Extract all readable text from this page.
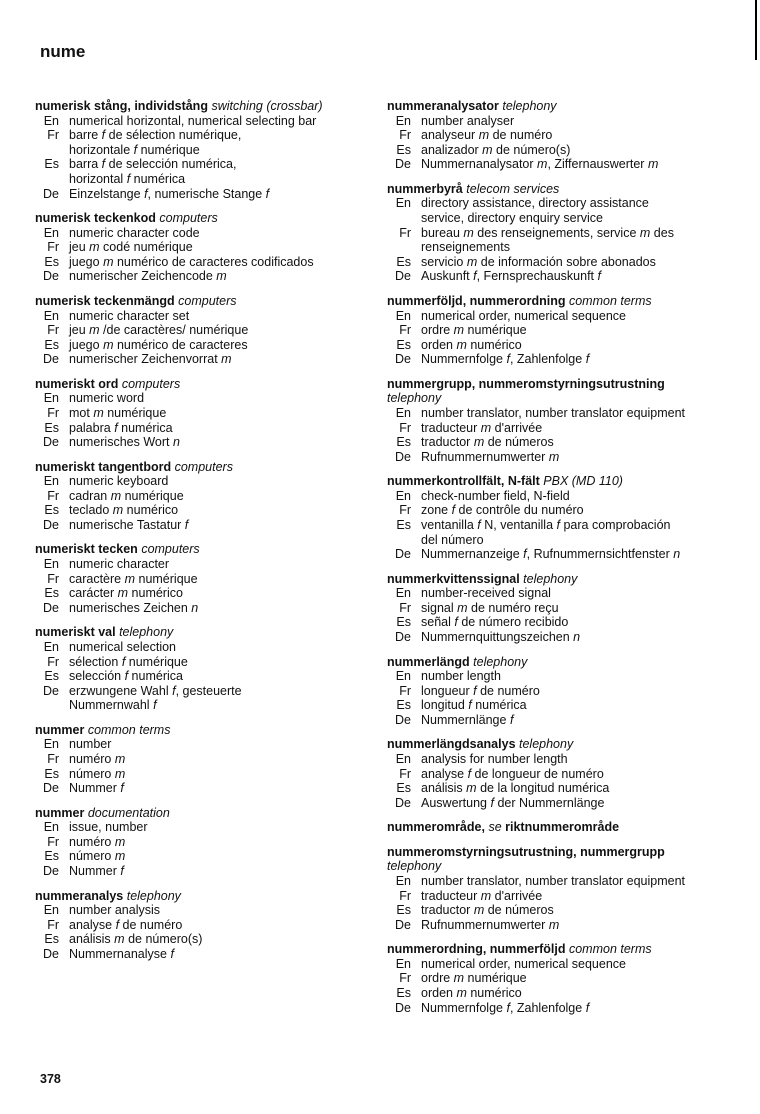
nume
numerisk stång, individstång switching (crossbar)
En numerical horizontal, numerical selecting bar
Fr barre f de sélection numérique,
horizontale f numérique
Es barra f de selección numérica,
horizontal f numérica
De Einzelstange f, numerische Stange f
numerisk teckenkod computers
En numeric character code
Fr jeu m codé numérique
Es juego m numérico de caracteres codificados
De numerischer Zeichencode m
numerisk teckenmängd computers
En numeric character set
Fr jeu m /de caractères/ numérique
Es juego m numérico de caracteres
De numerischer Zeichenvorrat m
numeriskt ord computers
En numeric word
Fr mot m numérique
Es palabra f numérica
De numerisches Wort n
numeriskt tangentbord computers
En numeric keyboard
Fr cadran m numérique
Es teclado m numérico
De numerische Tastatur f
numeriskt tecken computers
En numeric character
Fr caractère m numérique
Es carácter m numérico
De numerisches Zeichen n
numeriskt val telephony
En numerical selection
Fr sélection f numérique
Es selección f numérica
De erzwungene Wahl f, gesteuerte
Nummernwahl f
nummer common terms
En number
Fr numéro m
Es número m
De Nummer f
nummer documentation
En issue, number
Fr numéro m
Es número m
De Nummer f
nummeranalys telephony
En number analysis
Fr analyse f de numéro
Es análisis m de número(s)
De Nummernanalyse f
nummeranalysator telephony
En number analyser
Fr analyseur m de numéro
Es analizador m de número(s)
De Nummernanalysator m, Ziffernauswerter m
nummerbyrå telecom services
En directory assistance, directory assistance
service, directory enquiry service
Fr bureau m des renseignements, service m des
renseignements
Es servicio m de información sobre abonados
De Auskunft f, Fernsprechauskunft f
nummerföljd, nummerordning common terms
En numerical order, numerical sequence
Fr ordre m numérique
Es orden m numérico
De Nummernfolge f, Zahlenfolge f
nummergrupp, nummeromstyrningsutrustning
telephony
En number translator, number translator equipment
Fr traducteur m d'arrivée
Es traductor m de números
De Rufnummernumwerter m
nummerkontrollfält, N-fält PBX (MD 110)
En check-number field, N-field
Fr zone f de contrôle du numéro
Es ventanilla f N, ventanilla f para comprobación
del número
De Nummernanzeige f, Rufnummernsichtfenster n
nummerkvittenssignal telephony
En number-received signal
Fr signal m de numéro reçu
Es señal f de número recibido
De Nummernquittungszeichen n
nummerlängd telephony
En number length
Fr longueur f de numéro
Es longitud f numérica
De Nummernlänge f
nummerlängdsanalys telephony
En analysis for number length
Fr analyse f de longueur de numéro
Es análisis m de la longitud numérica
De Auswertung f der Nummernlänge
nummerområde, se riktnummerområde
nummeromstyrningsutrustning, nummergrupp
telephony
En number translator, number translator equipment
Fr traducteur m d'arrivée
Es traductor m de números
De Rufnummernumwerter m
nummerordning, nummerföljd common terms
En numerical order, numerical sequence
Fr ordre m numérique
Es orden m numérico
De Nummernfolge f, Zahlenfolge f
378
